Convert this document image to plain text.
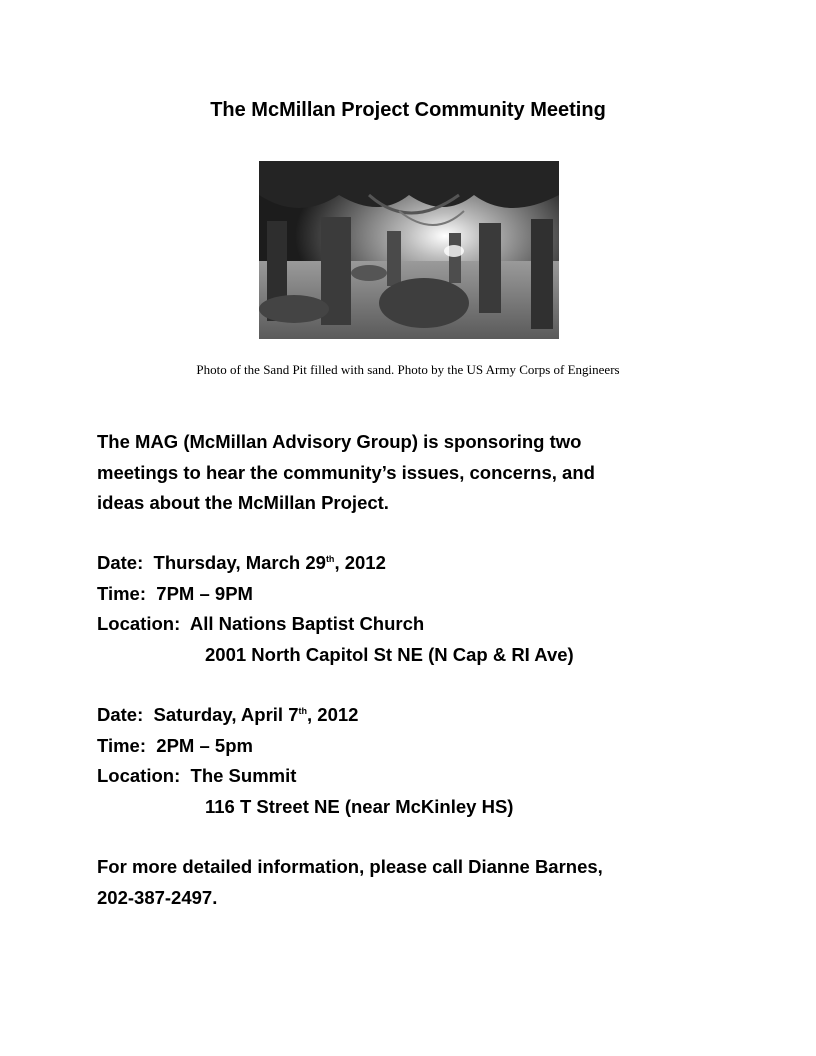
The McMillan Project Community Meeting
Photo of the Sand Pit filled with sand. Photo by the US Army Corps of Engineers
The MAG (McMillan Advisory Group) is sponsoring two
meetings to hear the community’s issues, concerns, and
ideas about the McMillan Project.
Date: Thursday, March 29th, 2012
Time: 7PM – 9PM
Location: All Nations Baptist Church
2001 North Capitol St NE (N Cap & RI Ave)
Date: Saturday, April 7th, 2012
Time: 2PM – 5pm
Location: The Summit
116 T Street NE (near McKinley HS)
For more detailed information, please call Dianne Barnes,
202-387-2497.
